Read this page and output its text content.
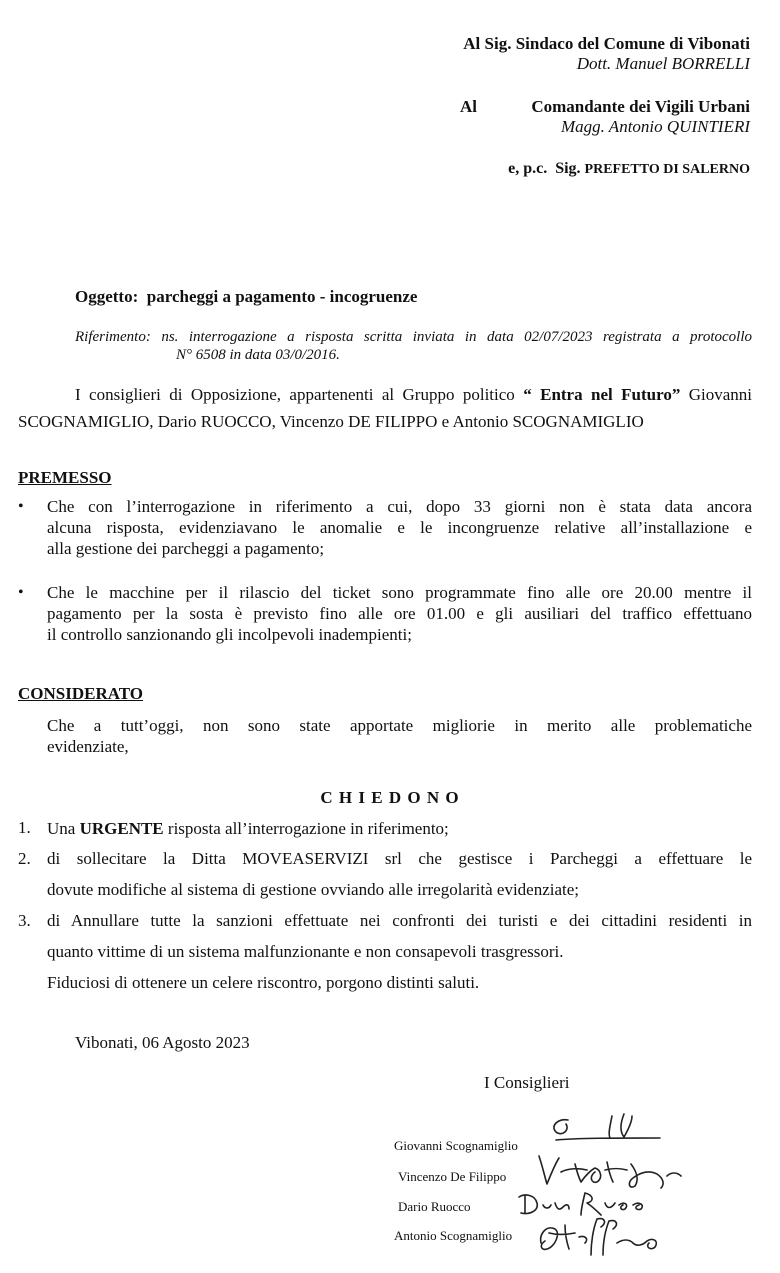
Al Sig. Sindaco del Comune di Vibonati
Dott. Manuel BORRELLI
Al	Comandante dei Vigili Urbani
Magg. Antonio QUINTIERI
e, p.c. Sig. PREFETTO DI SALERNO
Oggetto: parcheggi a pagamento - incogruenze
Riferimento: ns. interrogazione a risposta scritta inviata in data 02/07/2023 registrata a protocollo
N° 6508 in data 03/0/2016.
I consiglieri di Opposizione, appartenenti al Gruppo politico “ Entra nel Futuro” Giovanni
SCOGNAMIGLIO, Dario RUOCCO, Vincenzo DE FILIPPO e Antonio SCOGNAMIGLIO
PREMESSO
• Che con l’interrogazione in riferimento a cui, dopo 33 giorni non è stata data ancora
alcuna risposta, evidenziavano le anomalie e le incongruenze relative all’installazione e
alla gestione dei parcheggi a pagamento;
• Che le macchine per il rilascio del ticket sono programmate fino alle ore 20.00 mentre il
pagamento per la sosta è previsto fino alle ore 01.00 e gli ausiliari del traffico effettuano
il controllo sanzionando gli incolpevoli inadempienti;
CONSIDERATO
Che a tutt’oggi, non sono state apportate migliorie in merito alle problematiche
evidenziate,
C H I E D O N O
1. Una URGENTE risposta all’interrogazione in riferimento;
2. di sollecitare la Ditta MOVEASERVIZI srl che gestisce i Parcheggi a effettuare le
dovute modifiche al sistema di gestione ovviando alle irregolarità evidenziate;
3. di Annullare tutte la sanzioni effettuate nei confronti dei turisti e dei cittadini residenti in
quanto vittime di un sistema malfunzionante e non consapevoli trasgressori.
Fiduciosi di ottenere un celere riscontro, porgono distinti saluti.
Vibonati, 06 Agosto 2023
I Consiglieri
Giovanni Scognamiglio
Vincenzo De Filippo
Dario Ruocco
Antonio Scognamiglio
